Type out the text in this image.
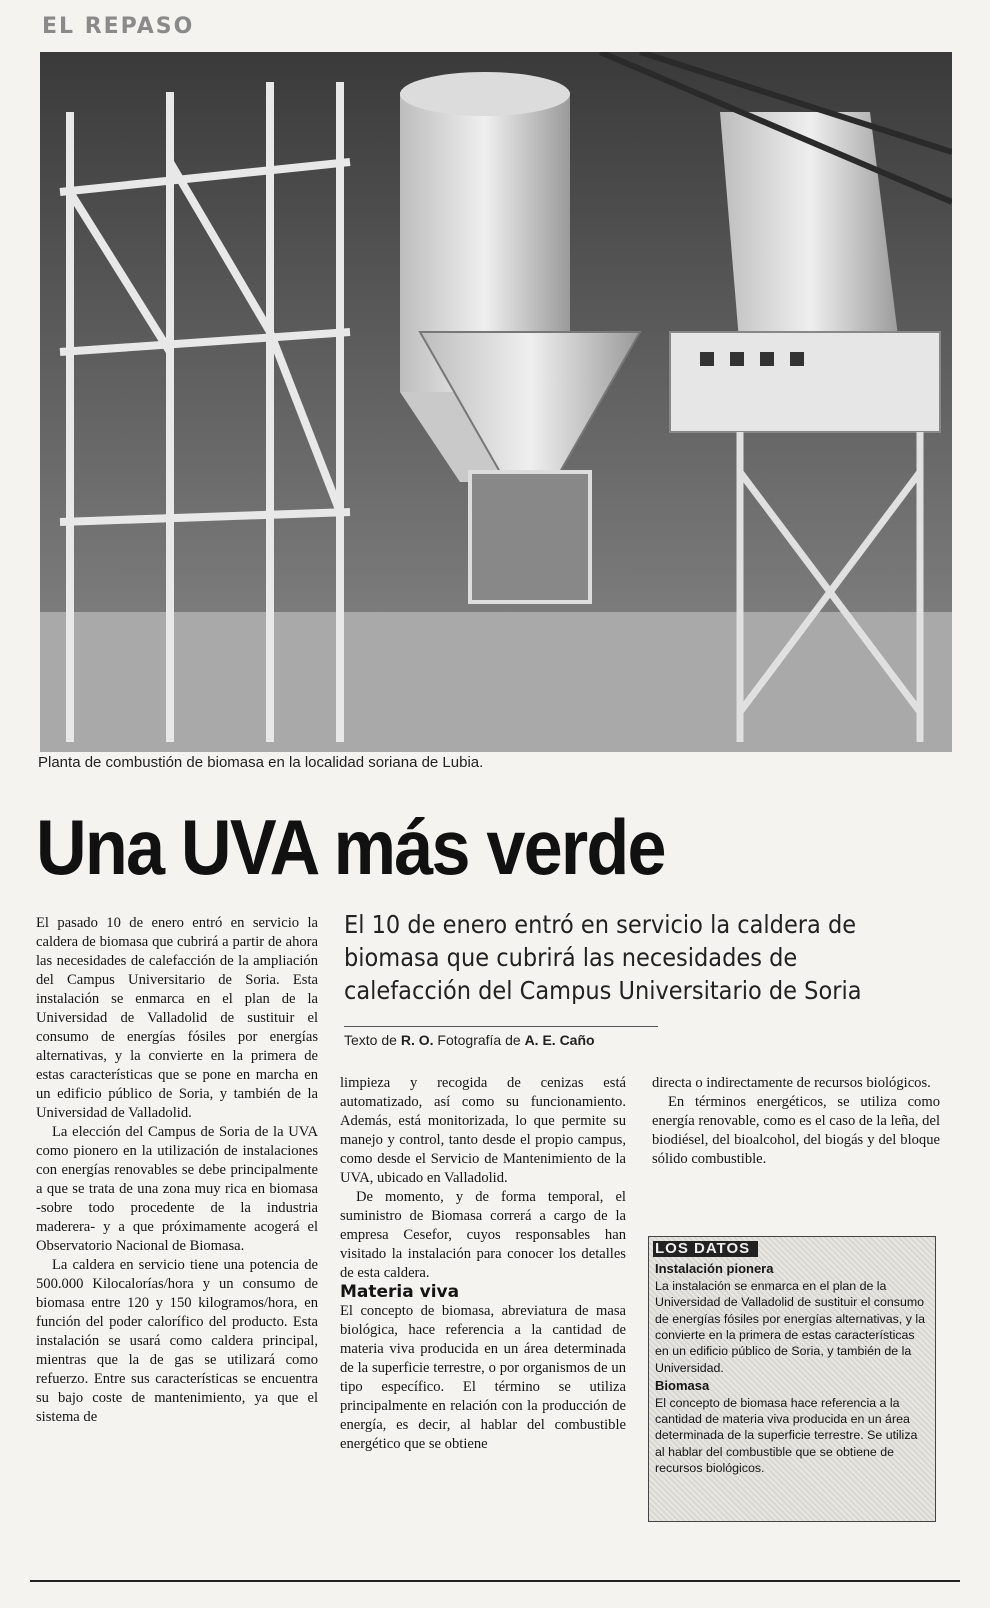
EL REPASO
Planta de combustión de biomasa en la localidad soriana de Lubia.
Una UVA más verde

El pasado 10 de enero entró en servicio la caldera de biomasa que cubrirá a partir de ahora las necesidades de calefacción de la ampliación del Campus Universitario de Soria. Esta instalación se enmarca en el plan de la Universidad de Valladolid de sustituir el consumo de energías fósiles por energías alternativas, y la convierte en la primera de estas características que se pone en marcha en un edificio público de Soria, y también de la Universidad de Valladolid.

La elección del Campus de Soria de la UVA como pionero en la utilización de instalaciones con energías renovables se debe principalmente a que se trata de una zona muy rica en biomasa -sobre todo procedente de la industria maderera- y a que próximamente acogerá el Observatorio Nacional de Biomasa.

La caldera en servicio tiene una potencia de 500.000 Kilocalorías/hora y un consumo de biomasa entre 120 y 150 kilogramos/hora, en función del poder calorífico del producto. Esta instalación se usará como caldera principal, mientras que la de gas se utilizará como refuerzo. Entre sus características se encuentra su bajo coste de mantenimiento, ya que el sistema de

El 10 de enero entró en servicio la caldera de biomasa que cubrirá las necesidades de calefacción del Campus Universitario de Soria
Texto de R. O. Fotografía de A. E. Caño

limpieza y recogida de cenizas está automatizado, así como su funcionamiento. Además, está monitorizada, lo que permite su manejo y control, tanto desde el propio campus, como desde el Servicio de Mantenimiento de la UVA, ubicado en Valladolid.

De momento, y de forma temporal, el suministro de Biomasa correrá a cargo de la empresa Cesefor, cuyos responsables han visitado la instalación para conocer los detalles de esta caldera.

Materia viva

El concepto de biomasa, abreviatura de masa biológica, hace referencia a la cantidad de materia viva producida en un área determinada de la superficie terrestre, o por organismos de un tipo específico. El término se utiliza principalmente en relación con la producción de energía, es decir, al hablar del combustible energético que se obtiene

directa o indirectamente de recursos biológicos.

En términos energéticos, se utiliza como energía renovable, como es el caso de la leña, del biodiésel, del bioalcohol, del biogás y del bloque sólido combustible.

LOS DATOS
Instalación pionera

La instalación se enmarca en el plan de la Universidad de Valladolid de sustituir el consumo de energías fósiles por energías alternativas, y la convierte en la primera de estas características en un edificio público de Soria, y también de la Universidad.

Biomasa

El concepto de biomasa hace referencia a la cantidad de materia viva producida en un área determinada de la superficie terrestre. Se utiliza al hablar del combustible que se obtiene de recursos biológicos.
